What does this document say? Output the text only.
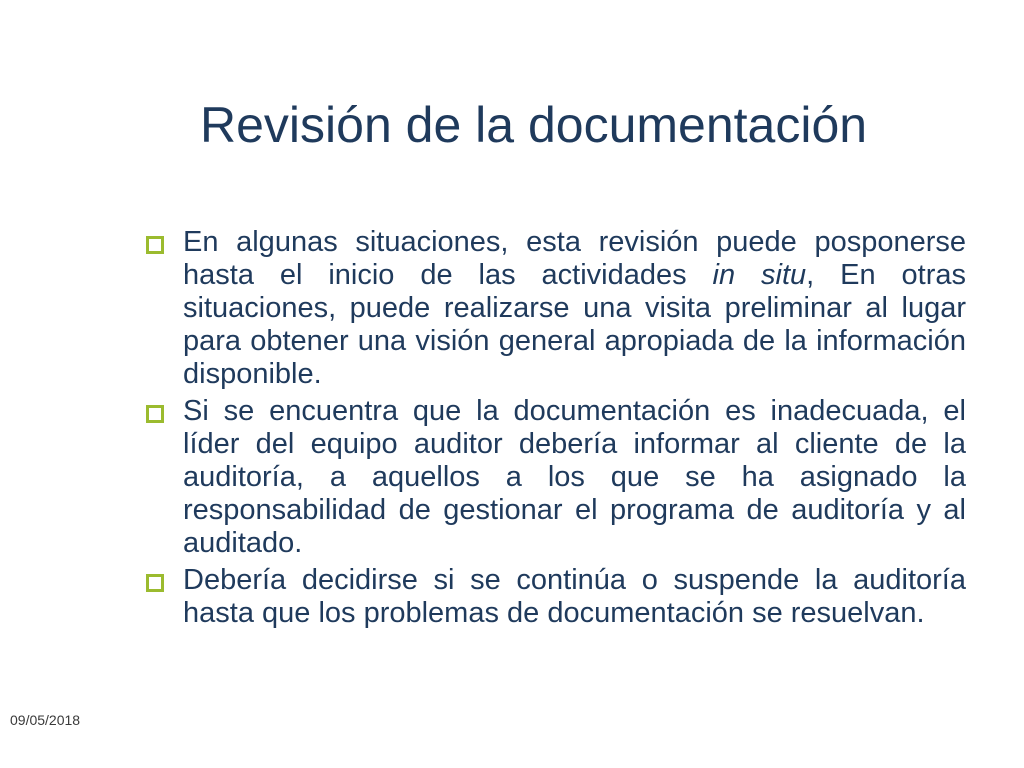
Revisión de la documentación
En algunas situaciones, esta revisión puede posponerse hasta el inicio de las actividades in situ, En otras situaciones, puede realizarse una visita preliminar al lugar para obtener una visión general apropiada de la información disponible.
Si se encuentra que la documentación es inadecuada, el líder del equipo auditor debería informar al cliente de la auditoría, a aquellos a los que se ha asignado la responsabilidad de gestionar el programa de auditoría y al auditado.
Debería decidirse si se continúa o suspende la auditoría hasta que los problemas de documentación se resuelvan.
09/05/2018
